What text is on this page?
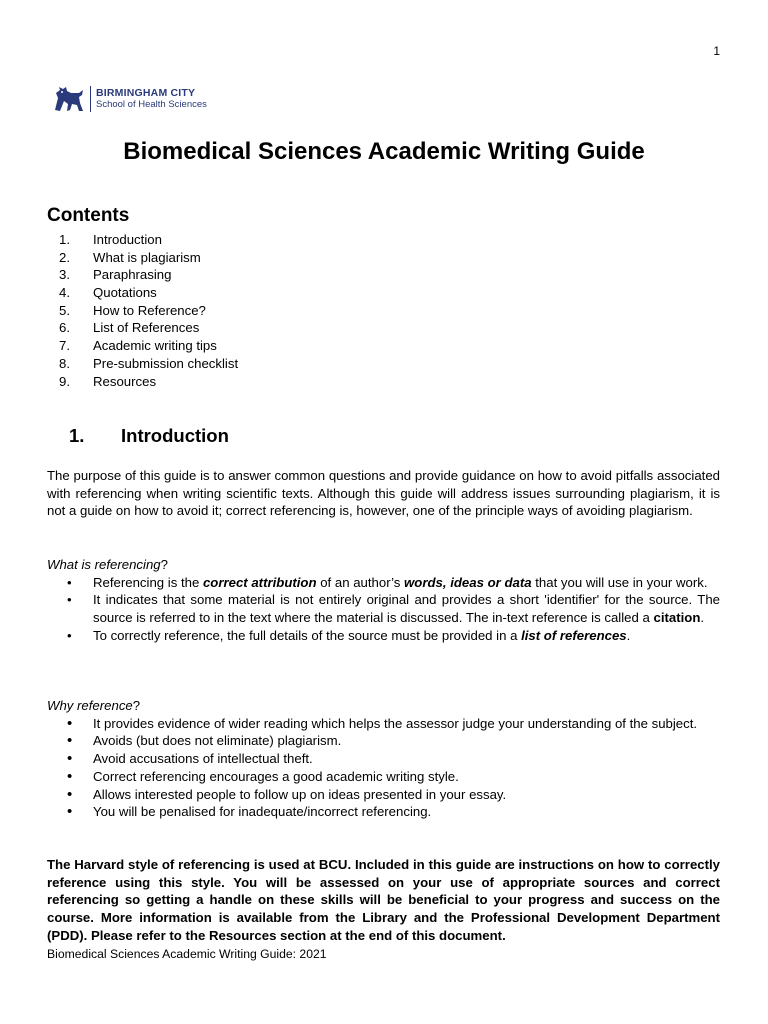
1
BIRMINGHAM CITY
School of Health Sciences
Biomedical Sciences Academic Writing Guide
Contents
1. Introduction
2. What is plagiarism
3. Paraphrasing
4. Quotations
5. How to Reference?
6. List of References
7. Academic writing tips
8. Pre-submission checklist
9. Resources
1. Introduction

The purpose of this guide is to answer common questions and provide guidance on how to avoid pitfalls associated with referencing when writing scientific texts. Although this guide will address issues surrounding plagiarism, it is not a guide on how to avoid it; correct referencing is, however, one of the principle ways of avoiding plagiarism.

What is referencing?

• Referencing is the correct attribution of an author’s words, ideas or data that you will use in your work.
• It indicates that some material is not entirely original and provides a short 'identifier' for the source. The source is referred to in the text where the material is discussed. The in-text reference is called a citation.
• To correctly reference, the full details of the source must be provided in a list of references.

Why reference?

• It provides evidence of wider reading which helps the assessor judge your understanding of the subject.
• Avoids (but does not eliminate) plagiarism.
• Avoid accusations of intellectual theft.
• Correct referencing encourages a good academic writing style.
• Allows interested people to follow up on ideas presented in your essay.
• You will be penalised for inadequate/incorrect referencing.

The Harvard style of referencing is used at BCU. Included in this guide are instructions on how to correctly reference using this style. You will be assessed on your use of appropriate sources and correct referencing so getting a handle on these skills will be beneficial to your progress and success on the course. More information is available from the Library and the Professional Development Department (PDD). Please refer to the Resources section at the end of this document.

Biomedical Sciences Academic Writing Guide: 2021
